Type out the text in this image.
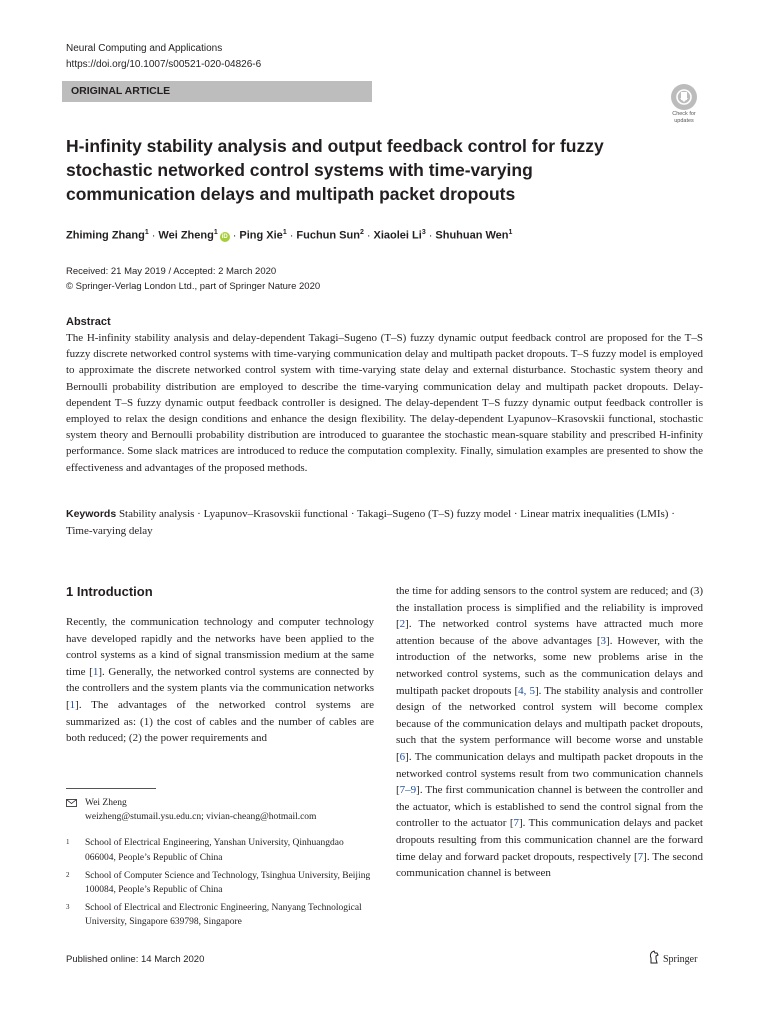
Neural Computing and Applications
https://doi.org/10.1007/s00521-020-04826-6
ORIGINAL ARTICLE
Check for
updates
H-infinity stability analysis and output feedback control for fuzzy
stochastic networked control systems with time-varying
communication delays and multipath packet dropouts
Zhiming Zhang$^1$ · Wei Zheng$^1$iD · Ping Xie$^1$ · Fuchun Sun$^2$ · Xiaolei $Li^3$ · Shuhuan Wen$^1$
Received: 21 May 2019 / Accepted: 2 March 2020
© Springer-Verlag London Ltd., part of Springer Nature 2020
Abstract
The H-infinity stability analysis and delay-dependent Takagi–Sugeno (T–S) fuzzy dynamic output feedback control are proposed for the T–S fuzzy discrete networked control systems with time-varying communication delay and multipath packet dropouts. T–S fuzzy model is employed to approximate the discrete networked control system with time-varying state delay and external disturbance. Stochastic system theory and Bernoulli probability distribution are employed to describe the time-varying communication delay and multipath packet dropouts. Delay-dependent T–S fuzzy dynamic output feedback controller is designed. The delay-dependent T–S fuzzy dynamic output feedback controller is employed to relax the design conditions and enhance the design flexibility. The delay-dependent Lyapunov–Krasovskii functional, stochastic system theory and Bernoulli probability distribution are introduced to guarantee the stochastic mean-square stability and prescribed H-infinity performance. Some slack matrices are introduced to reduce the computation complexity. Finally, simulation examples are presented to show the effectiveness and advantages of the proposed methods.
Keywords Stability analysis · Lyapunov–Krasovskii functional · Takagi–Sugeno (T–S) fuzzy model · Linear matrix inequalities (LMIs) · Time-varying delay
1 Introduction
Recently, the communication technology and computer technology have developed rapidly and the networks have been applied to the control systems as a kind of signal transmission medium at the same time [1]. Generally, the networked control systems are connected by the controllers and the system plants via the communication networks [1]. The advantages of the networked control systems are summarized as: (1) the cost of cables and the number of cables are both reduced; (2) the power requirements and
Wei Zheng
weizheng@stumail.ysu.edu.cn; vivian-cheang@hotmail.com
1	School of Electrical Engineering, Yanshan University, Qinhuangdao 066004, People’s Republic of China
2	School of Computer Science and Technology, Tsinghua University, Beijing 100084, People’s Republic of China
3	School of Electrical and Electronic Engineering, Nanyang Technological University, Singapore 639798, Singapore
the time for adding sensors to the control system are reduced; and (3) the installation process is simplified and the reliability is improved [2]. The networked control systems have attracted much more attention because of the above advantages [3]. However, with the introduction of the networks, some new problems arise in the networked control systems, such as the communication delays and multipath packet dropouts [4, 5]. The stability analysis and controller design of the networked control system will become complex because of the communication delays and multipath packet dropouts, such that the system performance will become worse and unstable [6]. The communication delays and multipath packet dropouts in the networked control systems result from two communication channels [7–9]. The first communication channel is between the controller and the actuator, which is established to send the control signal from the controller to the actuator [7]. This communication delays and packet dropouts resulting from this communication channel are the forward time delay and forward packet dropouts, respectively [7]. The second communication channel is between
Published online: 14 March 2020	Springer
